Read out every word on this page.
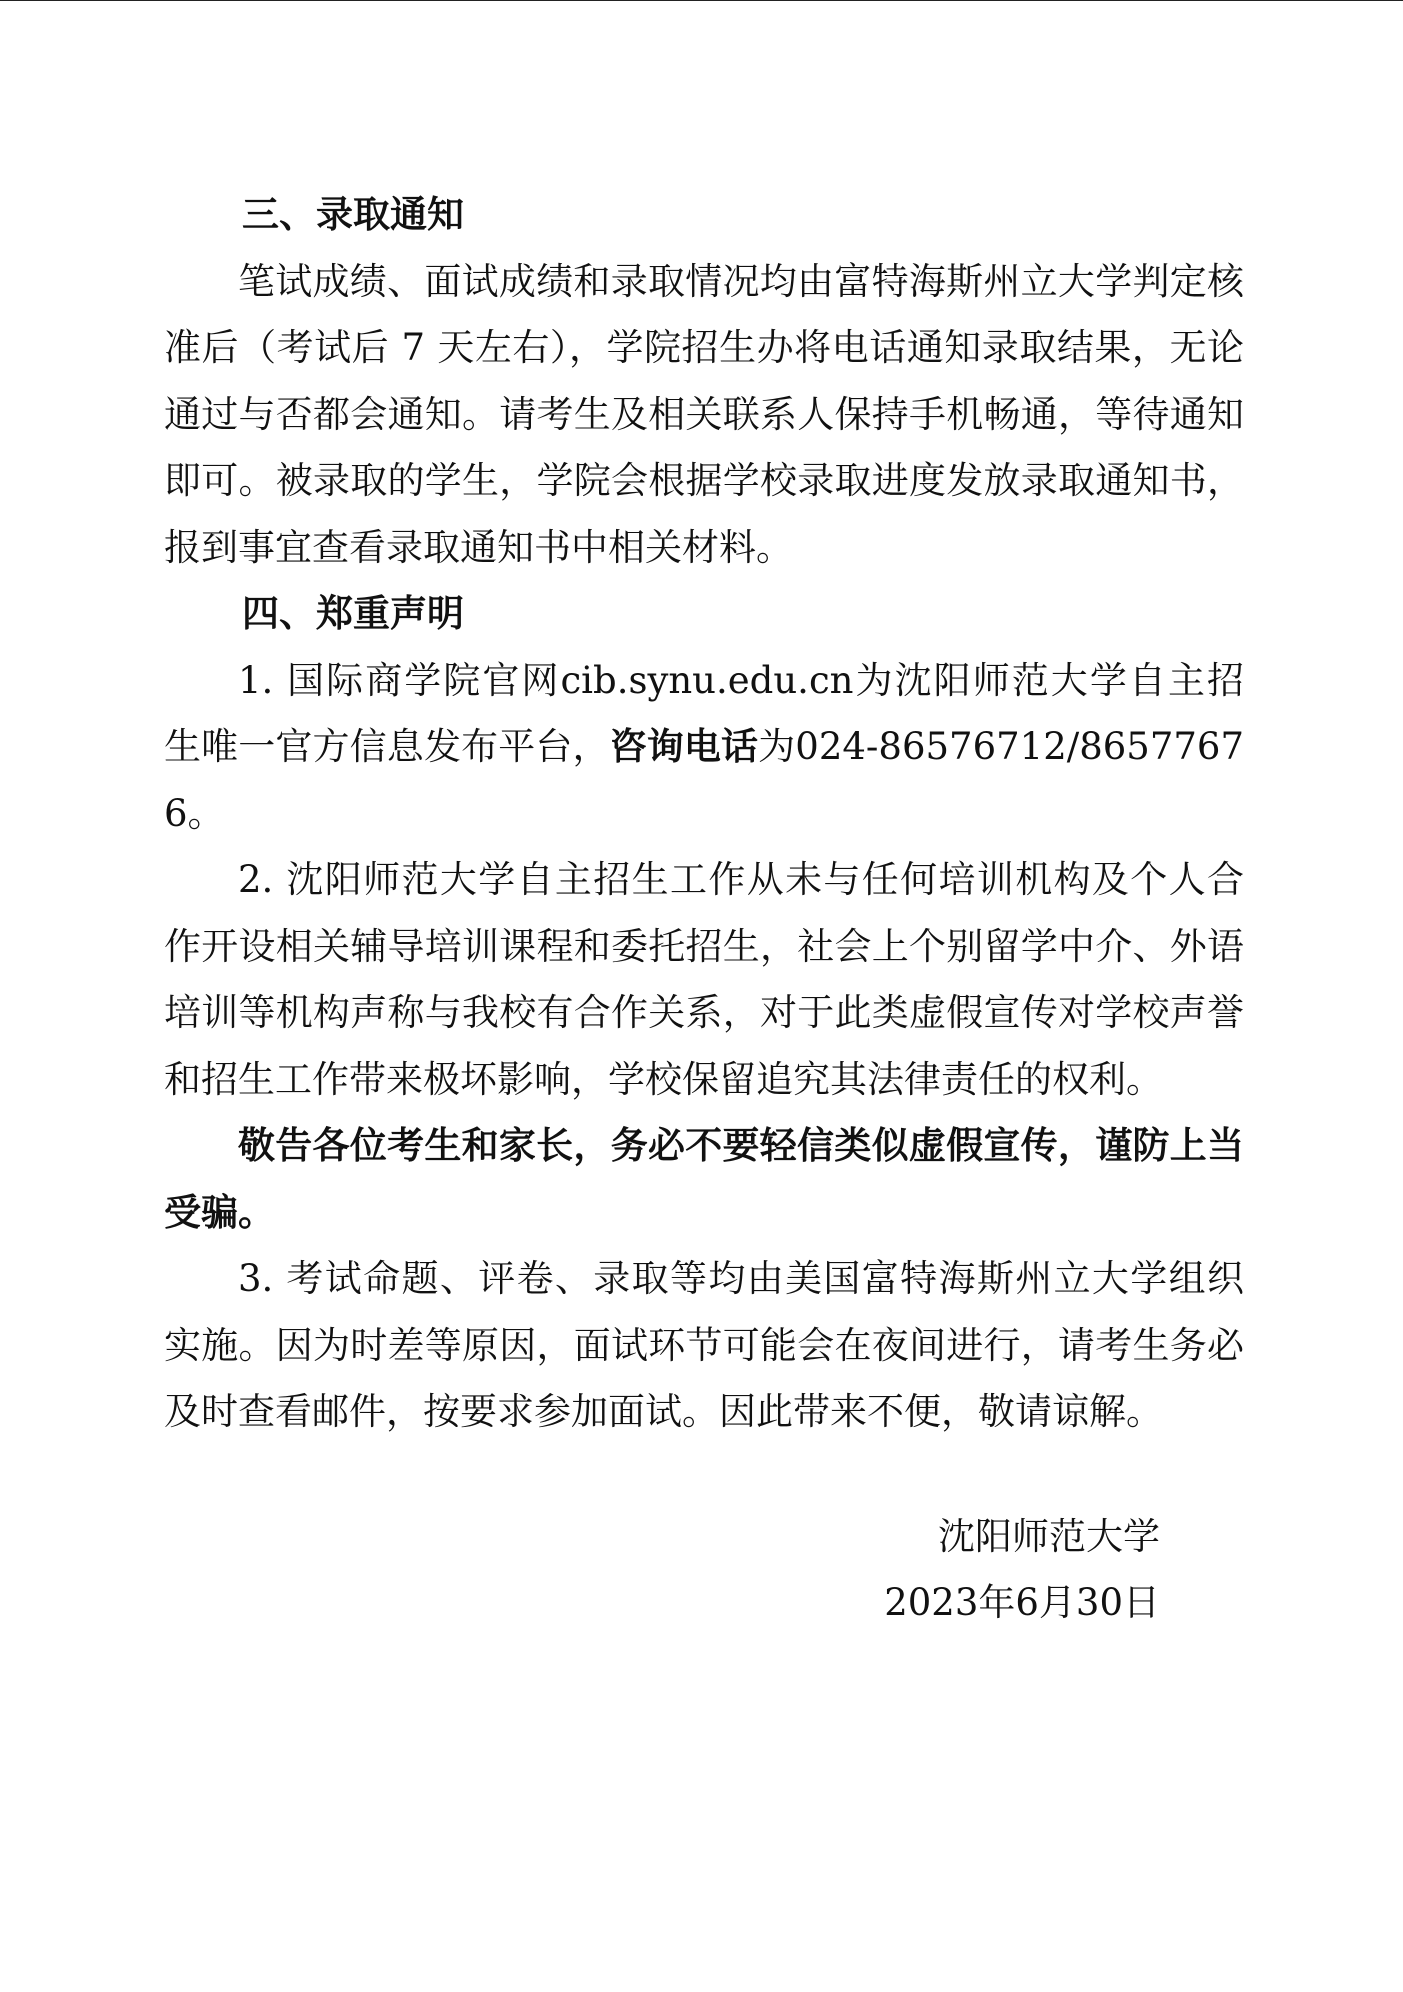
三、录取通知

笔试成绩、面试成绩和录取情况均由富特海斯州立大学判定核准后（考试后 7 天左右），学院招生办将电话通知录取结果，无论通过与否都会通知。请考生及相关联系人保持手机畅通，等待通知即可。被录取的学生，学院会根据学校录取进度发放录取通知书，报到事宜查看录取通知书中相关材料。

四、郑重声明

1. 国际商学院官网cib.synu.edu.cn为沈阳师范大学自主招生唯一官方信息发布平台，咨询电话为024-86576712/86577676。

2. 沈阳师范大学自主招生工作从未与任何培训机构及个人合作开设相关辅导培训课程和委托招生，社会上个别留学中介、外语培训等机构声称与我校有合作关系，对于此类虚假宣传对学校声誉和招生工作带来极坏影响，学校保留追究其法律责任的权利。

敬告各位考生和家长，务必不要轻信类似虚假宣传，谨防上当受骗。

3. 考试命题、评卷、录取等均由美国富特海斯州立大学组织实施。因为时差等原因，面试环节可能会在夜间进行，请考生务必及时查看邮件，按要求参加面试。因此带来不便，敬请谅解。

沈阳师范大学
2023年6月30日
